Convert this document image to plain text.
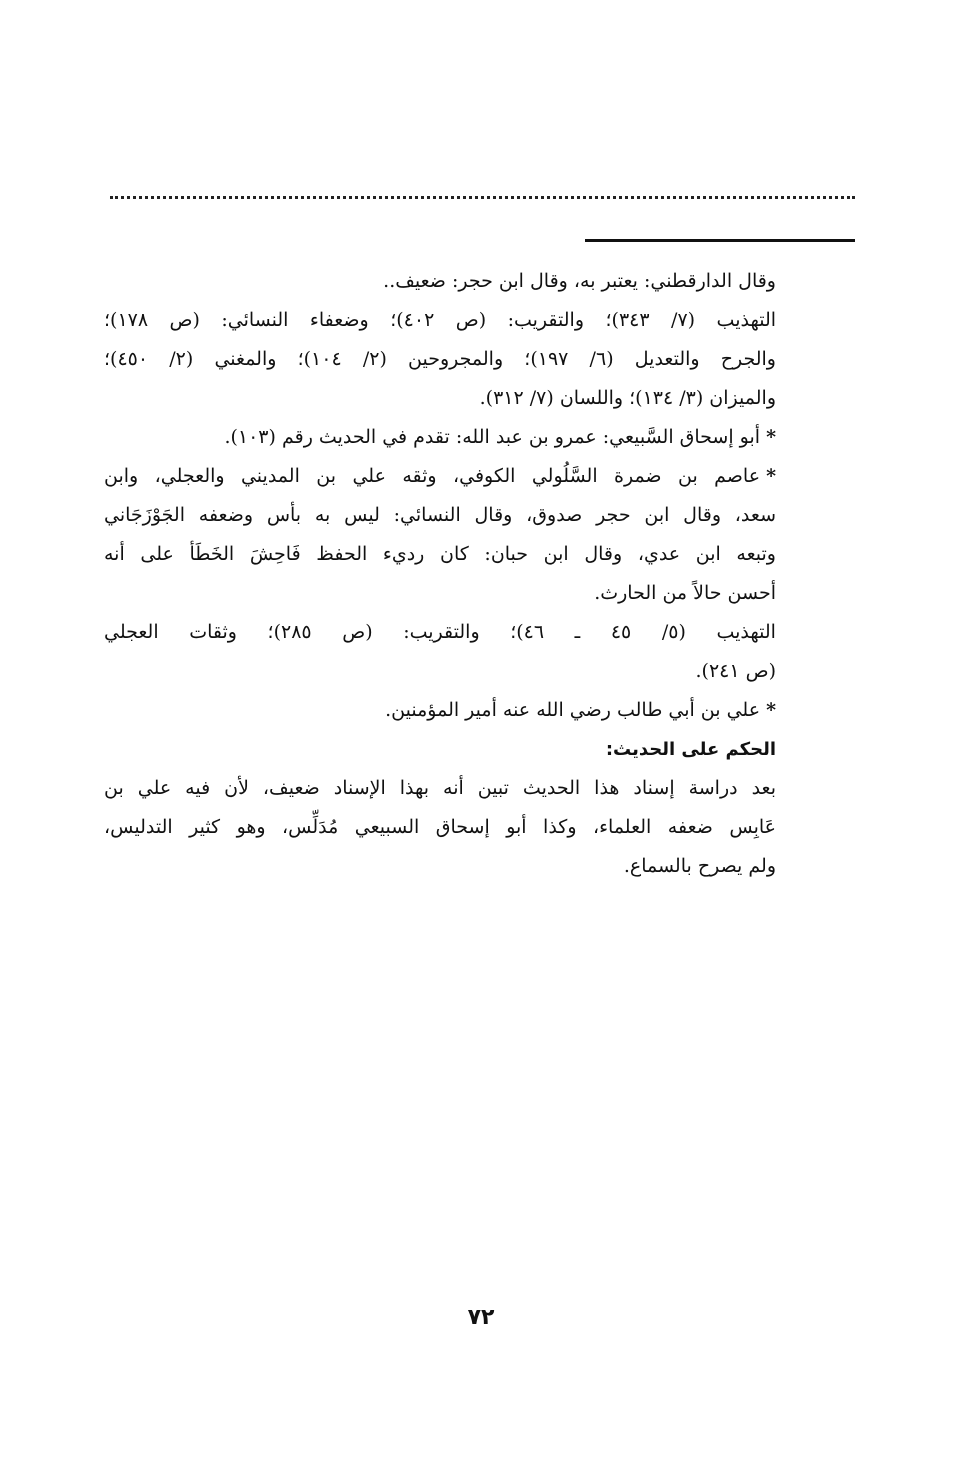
وقال الدارقطني: يعتبر به، وقال ابن حجر: ضعيف..
التهذيب (٧/ ٣٤٣)؛ والتقريب: (ص ٤٠٢)؛ وضعفاء النسائي: (ص ١٧٨)؛
والجرح والتعديل (٦/ ١٩٧)؛ والمجروحين (٢/ ١٠٤)؛ والمغني (٢/ ٤٥٠)؛
والميزان (٣/ ١٣٤)؛ واللسان (٧/ ٣١٢).
*أبو إسحاق السَّبيعي: عمرو بن عبد الله: تقدم في الحديث رقم (١٠٣).
*عاصم بن ضمرة السَّلُولي الكوفي، وثقه علي بن المديني والعجلي، وابن
سعد، وقال ابن حجر صدوق، وقال النسائي: ليس به بأس وضعفه الجَوْزَجَاني
وتبعه ابن عدي، وقال ابن حبان: كان رديء الحفظ فَاحِشَ الخَطَأ على أنه
أحسن حالاً من الحارث.
التهذيب (٥/ ٤٥ ـ ٤٦)؛ والتقريب: (ص ٢٨٥)؛ وثقات العجلي
(ص ٢٤١).
*علي بن أبي طالب رضي الله عنه أمير المؤمنين.
الحكم على الحديث:
بعد دراسة إسناد هذا الحديث تبين أنه بهذا الإسناد ضعيف، لأن فيه علي بن
عَابِس ضعفه العلماء، وكذا أبو إسحاق السبيعي مُدَلِّس، وهو كثير التدليس،
ولم يصرح بالسماع.
٧٢
